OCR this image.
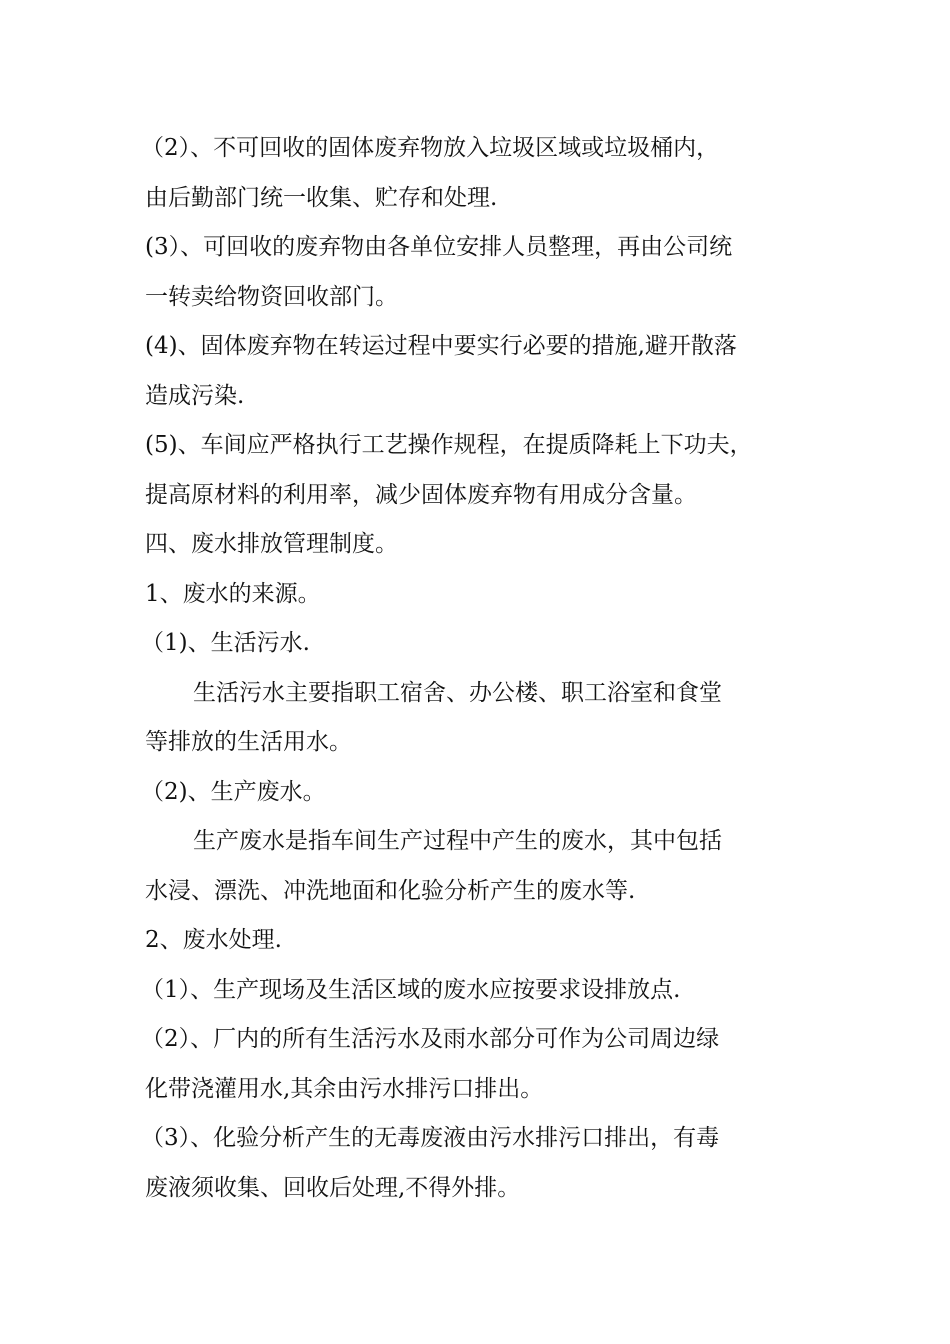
（2）、不可回收的固体废弃物放入垃圾区域或垃圾桶内，
由后勤部门统一收集、贮存和处理.
(3）、可回收的废弃物由各单位安排人员整理，再由公司统
一转卖给物资回收部门。
(4)、固体废弃物在转运过程中要实行必要的措施,避开散落
造成污染.
(5)、车间应严格执行工艺操作规程，在提质降耗上下功夫，
提高原材料的利用率，减少固体废弃物有用成分含量。
四、废水排放管理制度。
1、废水的来源。
（1)、生活污水.
生活污水主要指职工宿舍、办公楼、职工浴室和食堂
等排放的生活用水。
（2)、生产废水。
生产废水是指车间生产过程中产生的废水，其中包括
水浸、漂洗、冲洗地面和化验分析产生的废水等.
2、废水处理.
（1）、生产现场及生活区域的废水应按要求设排放点.
（2）、厂内的所有生活污水及雨水部分可作为公司周边绿
化带浇灌用水,其余由污水排污口排出。
（3）、化验分析产生的无毒废液由污水排污口排出，有毒
废液须收集、回收后处理,不得外排。
